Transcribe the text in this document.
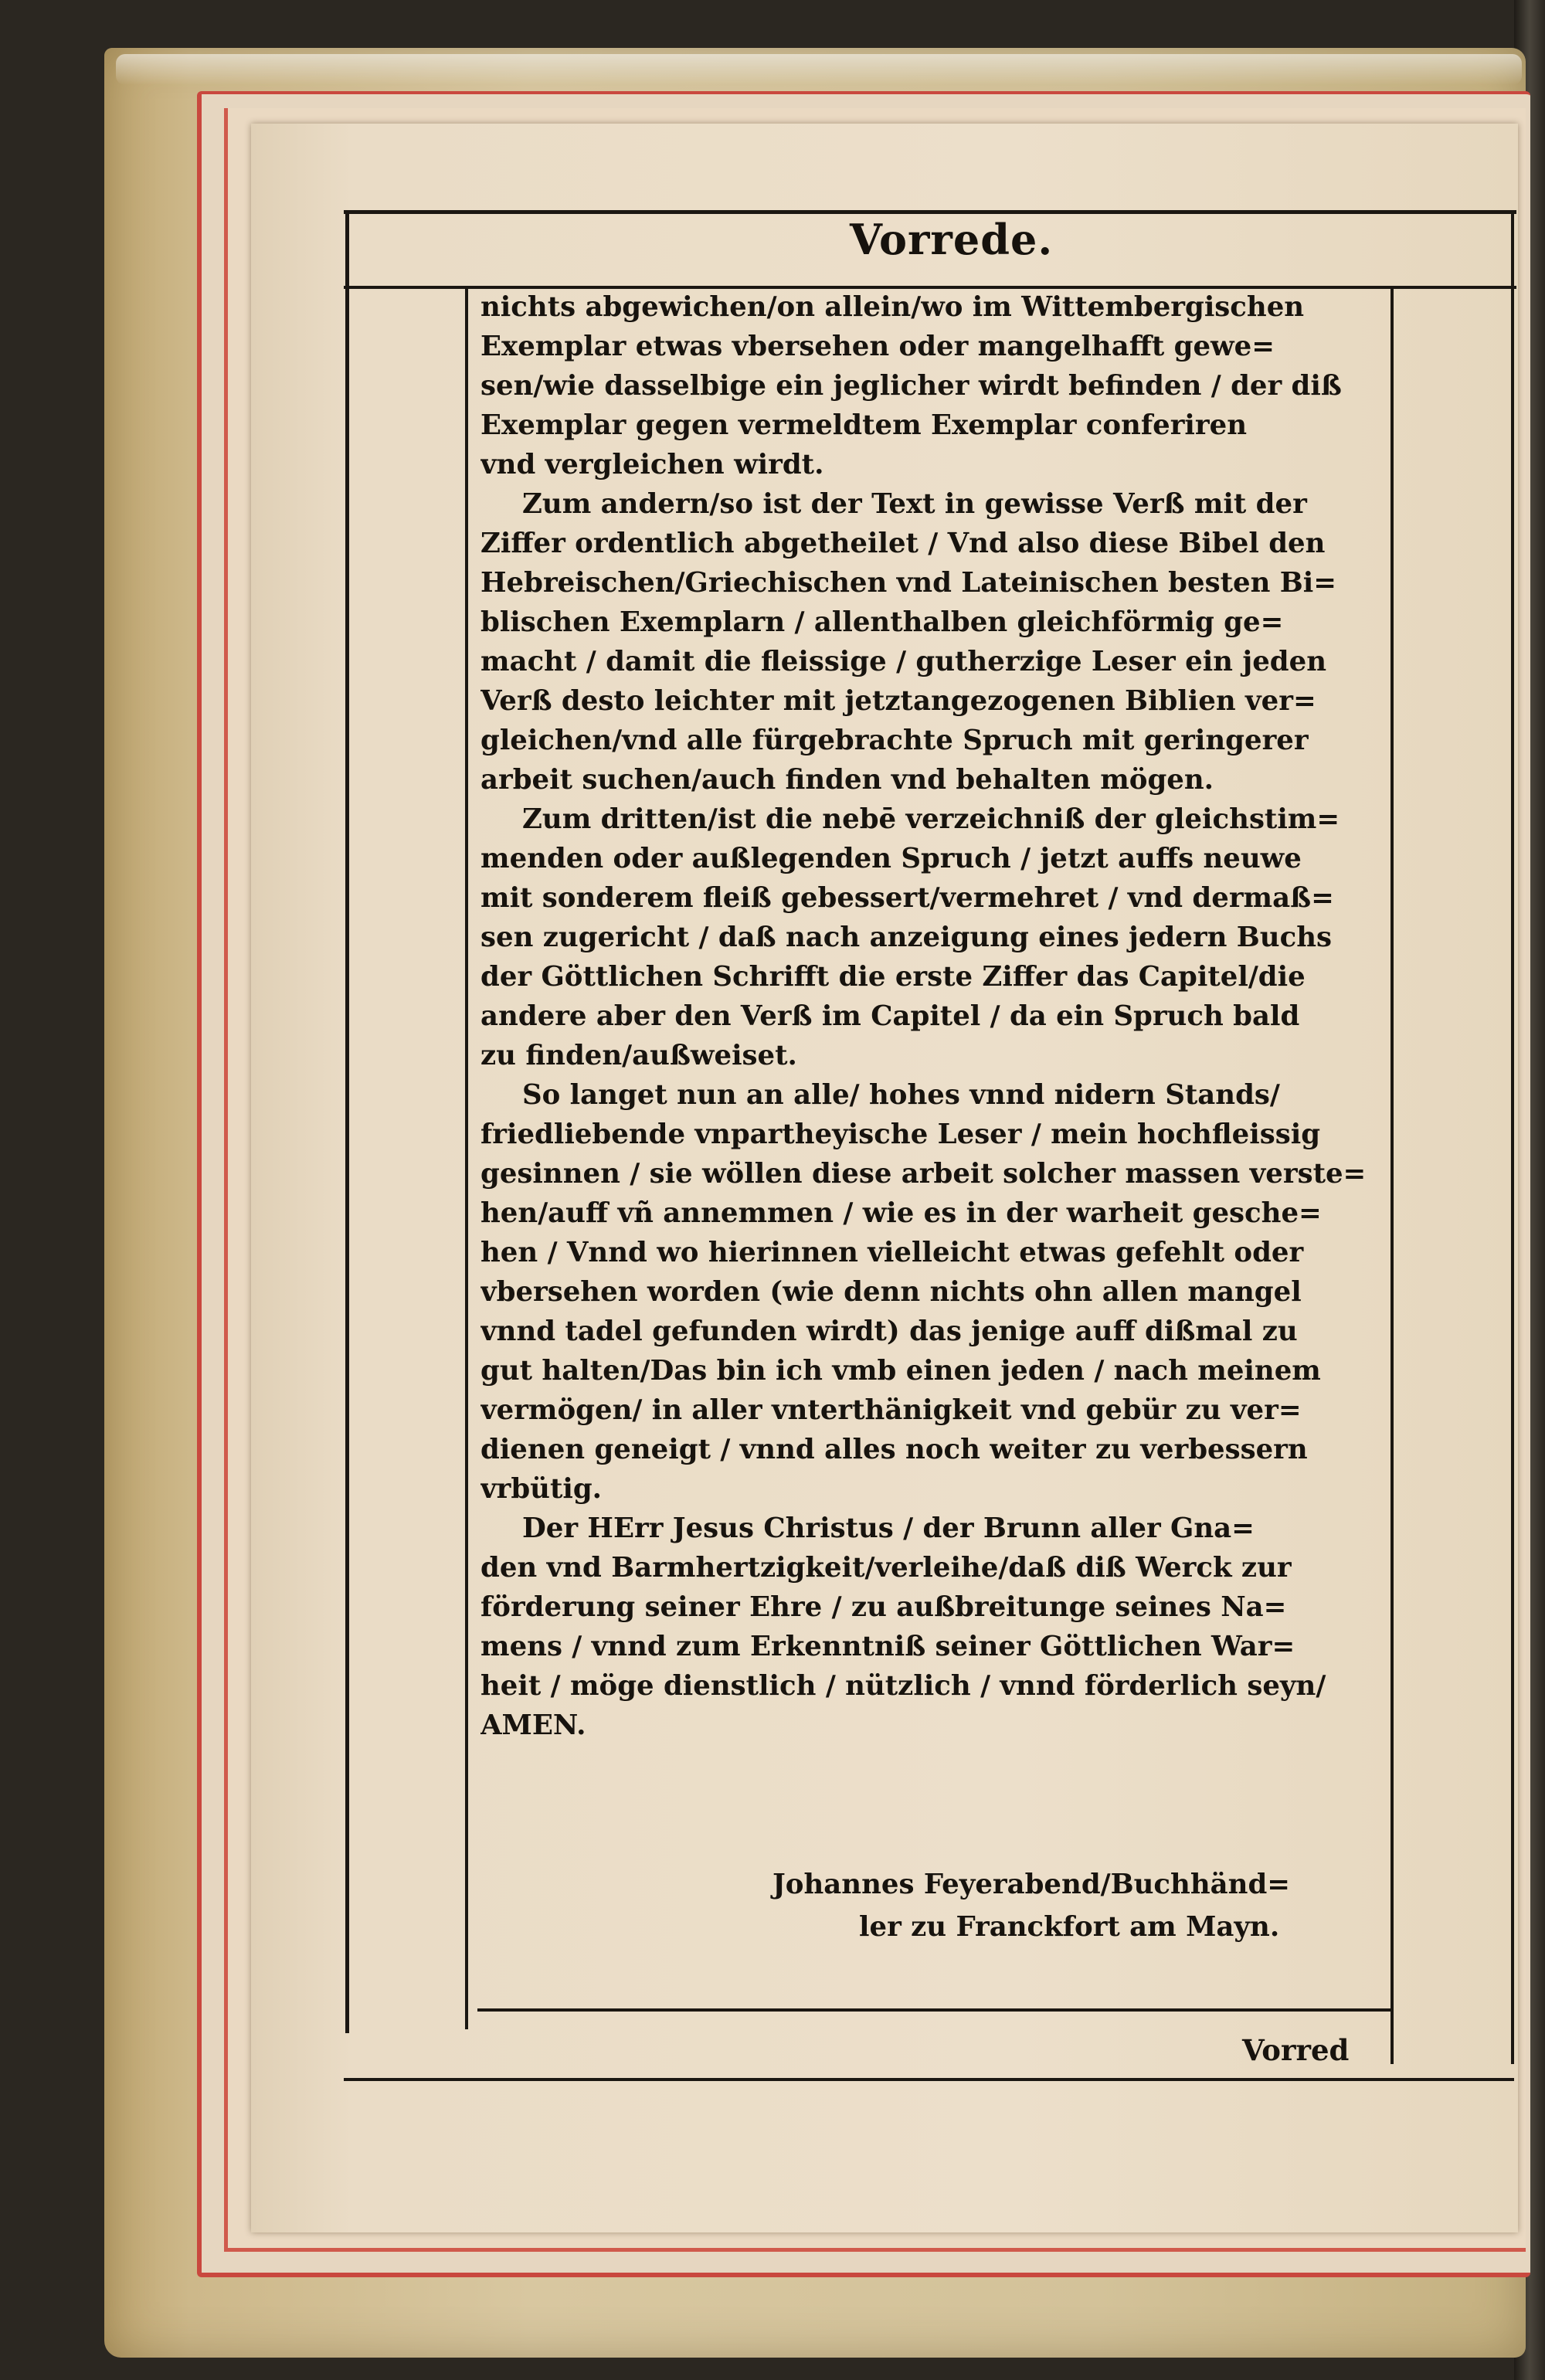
Vorrede.
nichts abgewichen/on allein/wo im Wittembergischen
Exemplar etwas vbersehen oder mangelhafft gewe=
sen/wie dasselbige ein jeglicher wirdt befinden / der diß
Exemplar gegen vermeldtem Exemplar conferiren
vnd vergleichen wirdt.
Zum andern/so ist der Text in gewisse Verß mit der
Ziffer ordentlich abgetheilet / Vnd also diese Bibel den
Hebreischen/Griechischen vnd Lateinischen besten Bi=
blischen Exemplarn / allenthalben gleichförmig ge=
macht / damit die fleissige / gutherzige Leser ein jeden
Verß desto leichter mit jetztangezogenen Biblien ver=
gleichen/vnd alle fürgebrachte Spruch mit geringerer
arbeit suchen/auch finden vnd behalten mögen.
Zum dritten/ist die nebē verzeichniß der gleichstim=
menden oder außlegenden Spruch / jetzt auffs neuwe
mit sonderem fleiß gebessert/vermehret / vnd dermaß=
sen zugericht / daß nach anzeigung eines jedern Buchs
der Göttlichen Schrifft die erste Ziffer das Capitel/die
andere aber den Verß im Capitel / da ein Spruch bald
zu finden/außweiset.
So langet nun an alle/ hohes vnnd nidern Stands/
friedliebende vnpartheyische Leser / mein hochfleissig
gesinnen / sie wöllen diese arbeit solcher massen verste=
hen/auff vñ annemmen / wie es in der warheit gesche=
hen / Vnnd wo hierinnen vielleicht etwas gefehlt oder
vbersehen worden (wie denn nichts ohn allen mangel
vnnd tadel gefunden wirdt) das jenige auff dißmal zu
gut halten/Das bin ich vmb einen jeden / nach meinem
vermögen/ in aller vnterthänigkeit vnd gebür zu ver=
dienen geneigt / vnnd alles noch weiter zu verbessern
vrbütig.
Der HErr Jesus Christus / der Brunn aller Gna=
den vnd Barmhertzigkeit/verleihe/daß diß Werck zur
förderung seiner Ehre / zu außbreitunge seines Na=
mens / vnnd zum Erkenntniß seiner Göttlichen War=
heit / möge dienstlich / nützlich / vnnd förderlich seyn/
AMEN.
Johannes Feyerabend/Buchhänd=
ler zu Franckfort am Mayn.
Vorred
